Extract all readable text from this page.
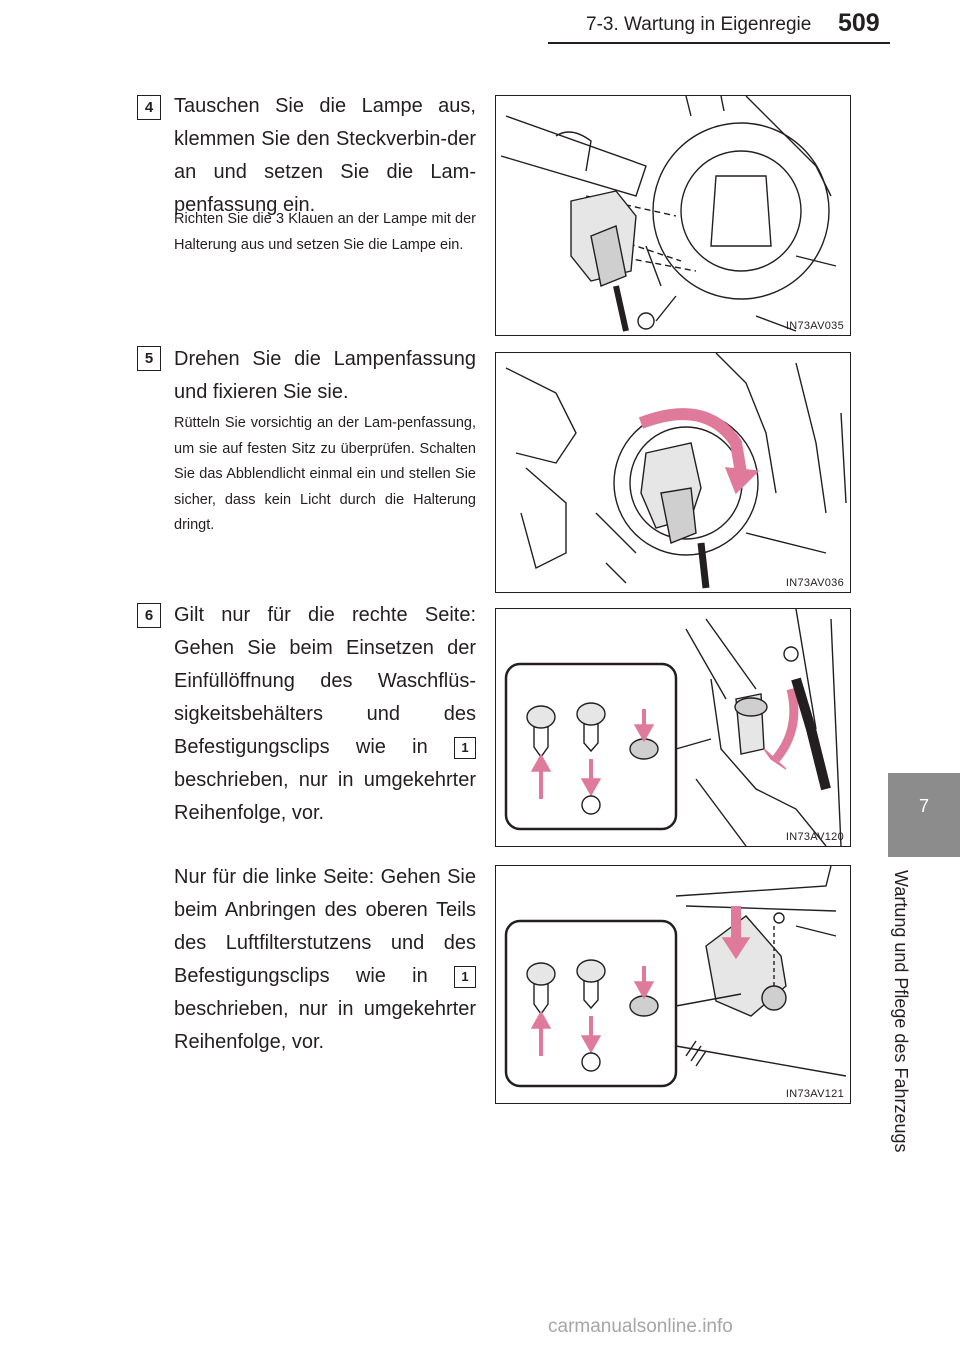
7-3. Wartung in Eigenregie 509
7
Wartung und Pflege des Fahrzeugs
4	Tauschen Sie die Lampe aus, klemmen Sie den Steckverbin-der an und setzen Sie die Lam-penfassung ein.
Richten Sie die 3 Klauen an der Lampe mit der Halterung aus und setzen Sie die Lampe ein.
IN73AV035
5	Drehen Sie die Lampenfassung und fixieren Sie sie.
Rütteln Sie vorsichtig an der Lam-penfassung, um sie auf festen Sitz zu überprüfen. Schalten Sie das Abblendlicht einmal ein und stellen Sie sicher, dass kein Licht durch die Halterung dringt.
IN73AV036
6	Gilt nur für die rechte Seite: Gehen Sie beim Einsetzen der Einfüllöffnung des Waschflüs-sigkeitsbehälters und des Befestigungsclips wie in	1 beschrieben, nur in umgekehrter Reihenfolge, vor.
IN73AV120
Nur für die linke Seite: Gehen Sie beim Anbringen des oberen Teils des Luftfilterstutzens und des Befestigungsclips wie in	1 beschrieben, nur in umgekehrter Reihenfolge, vor.
IN73AV121
carmanualsonline.info
